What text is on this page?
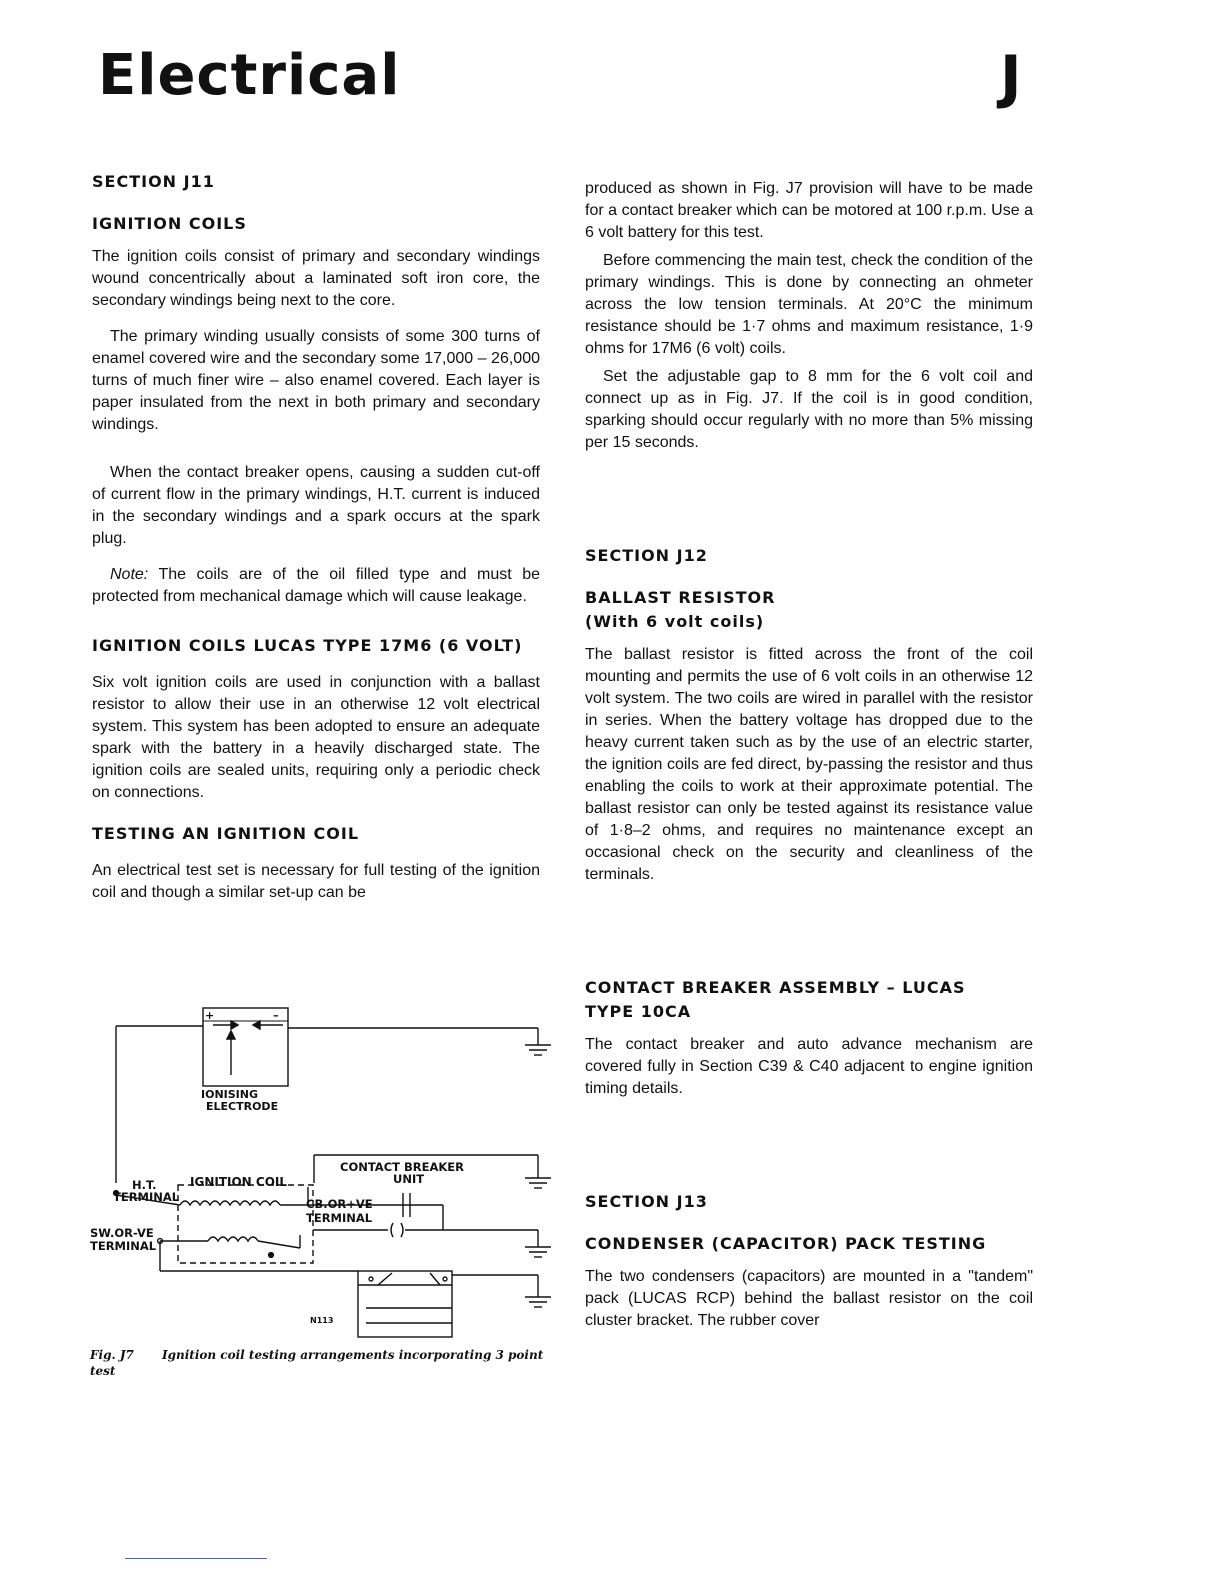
Electrical	J
SECTION J11
IGNITION COILS

The ignition coils consist of primary and secondary windings wound concentrically about a laminated soft iron core, the secondary windings being next to the core.

The primary winding usually consists of some 300 turns of enamel covered wire and the secondary some 17,000 – 26,000 turns of much finer wire – also enamel covered. Each layer is paper insulated from the next in both primary and secondary windings.

When the contact breaker opens, causing a sudden cut-off of current flow in the primary windings, H.T. current is induced in the secondary windings and a spark occurs at the spark plug.

Note: The coils are of the oil filled type and must be protected from mechanical damage which will cause leakage.

IGNITION COILS LUCAS TYPE 17M6 (6 VOLT)

Six volt ignition coils are used in conjunction with a ballast resistor to allow their use in an otherwise 12 volt electrical system. This system has been adopted to ensure an adequate spark with the battery in a heavily discharged state. The ignition coils are sealed units, requiring only a periodic check on connections.

TESTING AN IGNITION COIL

An electrical test set is necessary for full testing of the ignition coil and though a similar set-up can be

produced as shown in Fig. J7 provision will have to be made for a contact breaker which can be motored at 100 r.p.m. Use a 6 volt battery for this test.

Before commencing the main test, check the condition of the primary windings. This is done by connecting an ohmeter across the low tension terminals. At 20°C the minimum resistance should be 1·7 ohms and maximum resistance, 1·9 ohms for 17M6 (6 volt) coils.

Set the adjustable gap to 8 mm for the 6 volt coil and connect up as in Fig. J7. If the coil is in good condition, sparking should occur regularly with no more than 5% missing per 15 seconds.

SECTION J12
BALLAST RESISTOR
(With 6 volt coils)

The ballast resistor is fitted across the front of the coil mounting and permits the use of 6 volt coils in an otherwise 12 volt system. The two coils are wired in parallel with the resistor in series. When the battery voltage has dropped due to the heavy current taken such as by the use of an electric starter, the ignition coils are fed direct, by-passing the resistor and thus enabling the coils to work at their approximate potential. The ballast resistor can only be tested against its resistance value of 1·8–2 ohms, and requires no maintenance except an occasional check on the security and cleanliness of the terminals.

CONTACT BREAKER ASSEMBLY – LUCAS
TYPE 10CA

The contact breaker and auto advance mechanism are covered fully in Section C39 & C40 adjacent to engine ignition timing details.

SECTION J13
CONDENSER (CAPACITOR) PACK TESTING

The two condensers (capacitors) are mounted in a "tandem" pack (LUCAS RCP) behind the ballast resistor on the coil cluster bracket. The rubber cover

+	–
IONISING
ELECTRODE
CONTACT BREAKER
UNIT
H.T.
TERMINAL
IGNITION COIL
CB.OR+VE
TERMINAL
SW.OR-VE
TERMINAL
N113
Fig. J7 Ignition coil testing arrangements incorporating 3 point test
